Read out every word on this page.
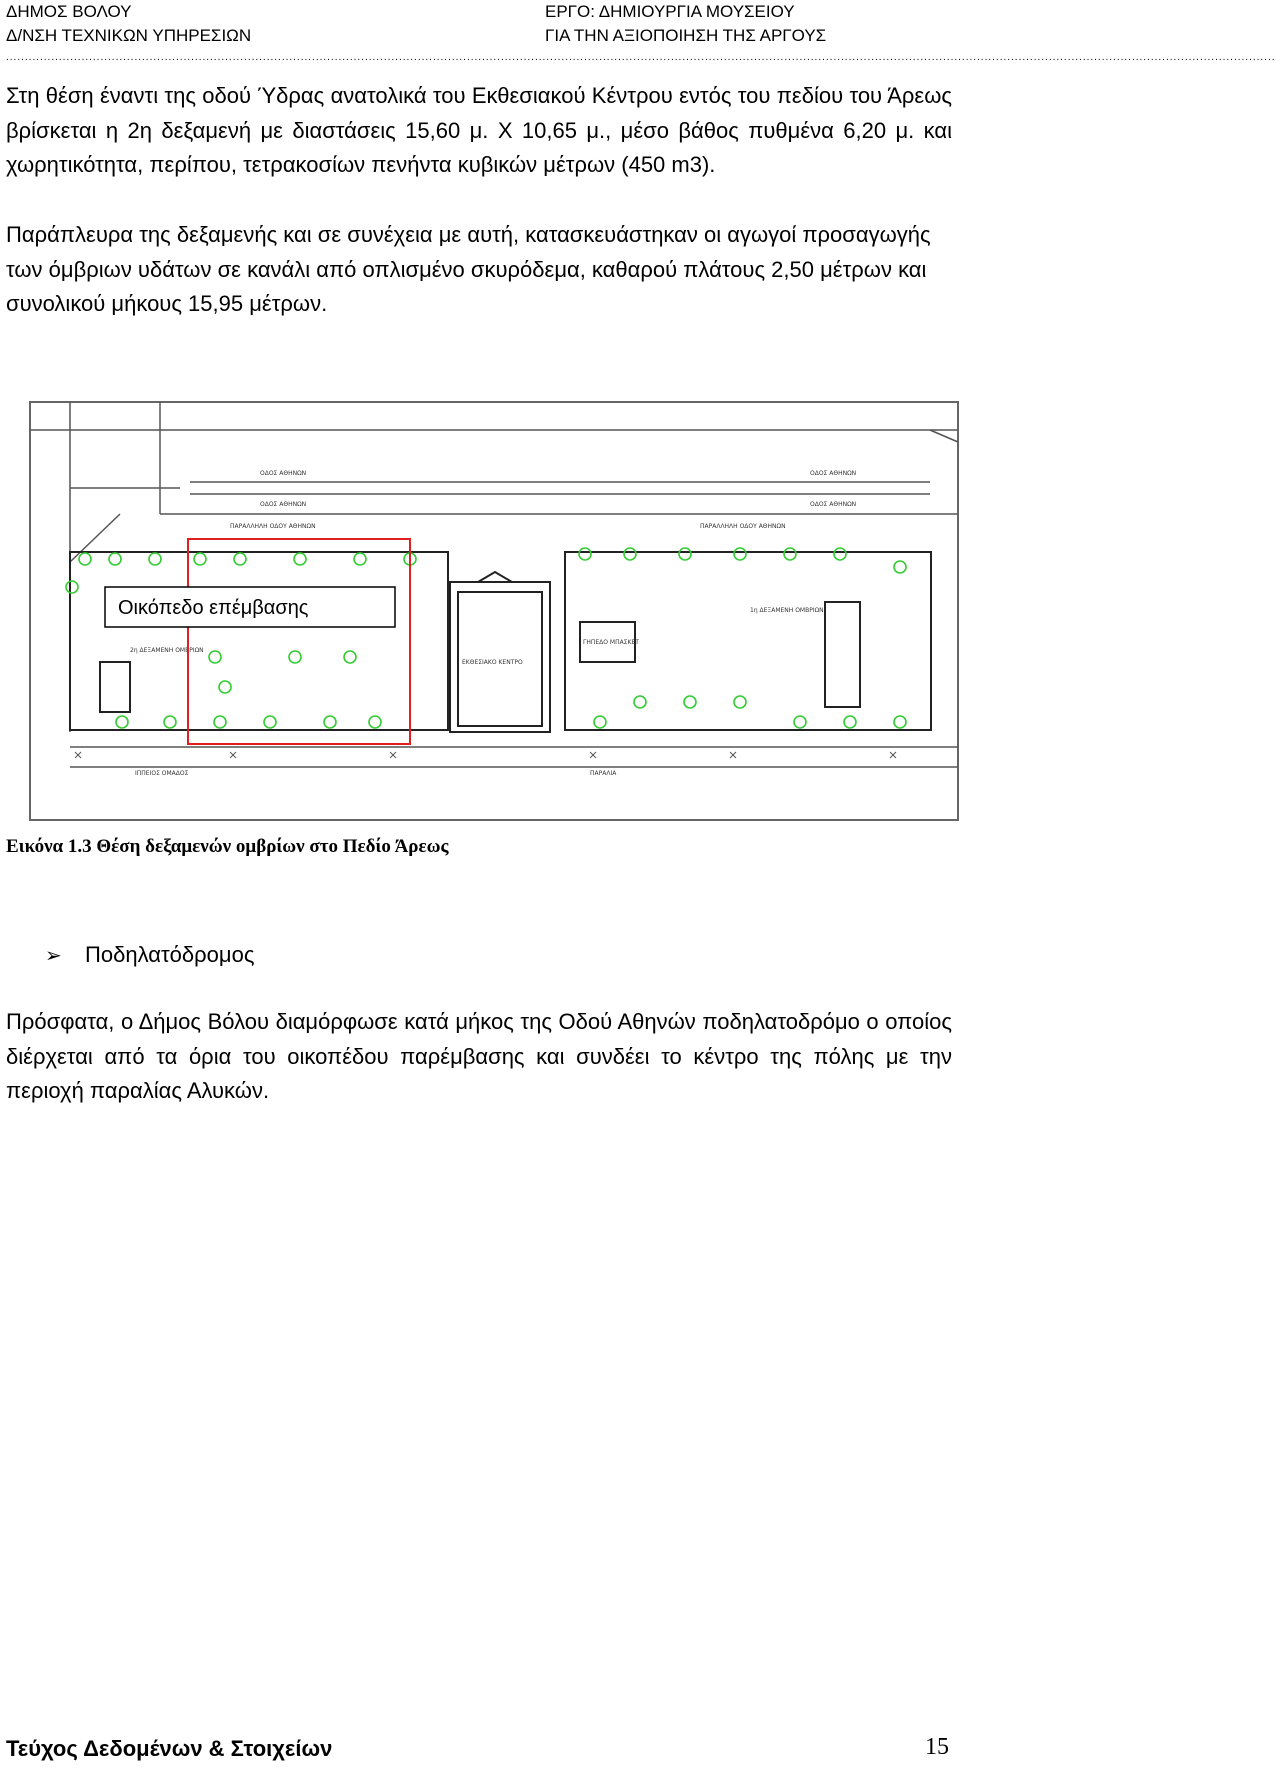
ΔΗΜΟΣ ΒΟΛΟΥ
Δ/ΝΣΗ ΤΕΧΝΙΚΩΝ ΥΠΗΡΕΣΙΩΝ
ΕΡΓΟ: ΔΗΜΙΟΥΡΓΙΑ ΜΟΥΣΕΙΟΥ
ΓΙΑ ΤΗΝ ΑΞΙΟΠΟΙΗΣΗ ΤΗΣ ΑΡΓΟΥΣ
................................................................................................................................................................................................................................................................................................................................................

Στη θέση έναντι της οδού Ύδρας ανατολικά του Εκθεσιακού Κέντρου εντός του πεδίου του Άρεως βρίσκεται η 2η δεξαμενή με διαστάσεις 15,60 μ. Χ 10,65 μ., μέσο βάθος πυθμένα 6,20 μ. και χωρητικότητα, περίπου, τετρακοσίων πενήντα κυβικών μέτρων (450 m3).

Παράπλευρα της δεξαμενής και σε συνέχεια με αυτή, κατασκευάστηκαν οι αγωγοί προσαγωγής των όμβριων υδάτων σε κανάλι από οπλισμένο σκυρόδεμα, καθαρού πλάτους 2,50 μέτρων και συνολικού μήκους 15,95 μέτρων.

ΟΔΟΣ ΑΘΗΝΩΝ	ΟΔΟΣ ΑΘΗΝΩΝ
ΟΔΟΣ ΑΘΗΝΩΝ	ΟΔΟΣ ΑΘΗΝΩΝ
ΠΑΡΑΛΛΗΛΗ ΟΔΟΥ ΑΘΗΝΩΝ	ΠΑΡΑΛΛΗΛΗ ΟΔΟΥ ΑΘΗΝΩΝ
2η ΔΕΞΑΜΕΝΗ ΟΜΒΡΙΩΝ
1η ΔΕΞΑΜΕΝΗ ΟΜΒΡΙΩΝ
ΕΚΘΕΣΙΑΚΟ ΚΕΝΤΡΟ
ΓΗΠΕΔΟ ΜΠΑΣΚΕΤ
ΙΠΠΕΙΟΣ ΟΜΑΔΟΣ	ΠΑΡΑΛΙΑ
Οικόπεδο επέμβασης
Εικόνα 1.3 Θέση δεξαμενών ομβρίων στο Πεδίο Άρεως
➢ Ποδηλατόδρομος

Πρόσφατα, ο Δήμος Βόλου διαμόρφωσε κατά μήκος της Οδού Αθηνών ποδηλατοδρόμο ο οποίος διέρχεται από τα όρια του οικοπέδου παρέμβασης και συνδέει το κέντρο της πόλης με την περιοχή παραλίας Αλυκών.

Τεύχος Δεδομένων & Στοιχείων	15
